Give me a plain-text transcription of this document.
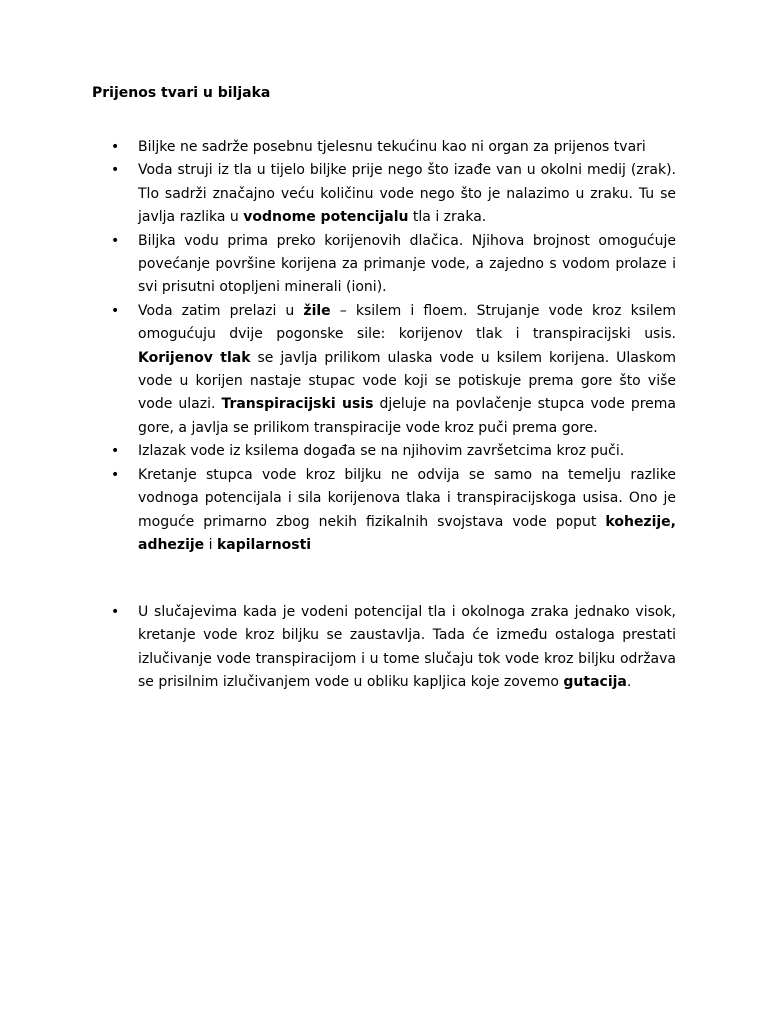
Prijenos tvari u biljaka
• Biljke ne sadrže posebnu tjelesnu tekućinu kao ni organ za prijenos tvari
• Voda struji iz tla u tijelo biljke prije nego što izađe van u okolni medij (zrak). Tlo sadrži značajno veću količinu vode nego što je nalazimo u zraku. Tu se javlja razlika u vodnome potencijalu tla i zraka.
• Biljka vodu prima preko korijenovih dlačica. Njihova brojnost omogućuje povećanje površine korijena za primanje vode, a zajedno s vodom prolaze i svi prisutni otopljeni minerali (ioni).
• Voda zatim prelazi u žile – ksilem i floem. Strujanje vode kroz ksilem omogućuju dvije pogonske sile: korijenov tlak i transpiracijski usis. Korijenov tlak se javlja prilikom ulaska vode u ksilem korijena. Ulaskom vode u korijen nastaje stupac vode koji se potiskuje prema gore što više vode ulazi. Transpiracijski usis djeluje na povlačenje stupca vode prema gore, a javlja se prilikom transpiracije vode kroz puči prema gore.
• Izlazak vode iz ksilema događa se na njihovim završetcima kroz puči.
• Kretanje stupca vode kroz biljku ne odvija se samo na temelju razlike vodnoga potencijala i sila korijenova tlaka i transpiracijskoga usisa. Ono je moguće primarno zbog nekih fizikalnih svojstava vode poput kohezije, adhezije i kapilarnosti
• U slučajevima kada je vodeni potencijal tla i okolnoga zraka jednako visok, kretanje vode kroz biljku se zaustavlja. Tada će između ostaloga prestati izlučivanje vode transpiracijom i u tome slučaju tok vode kroz biljku održava se prisilnim izlučivanjem vode u obliku kapljica koje zovemo gutacija.
